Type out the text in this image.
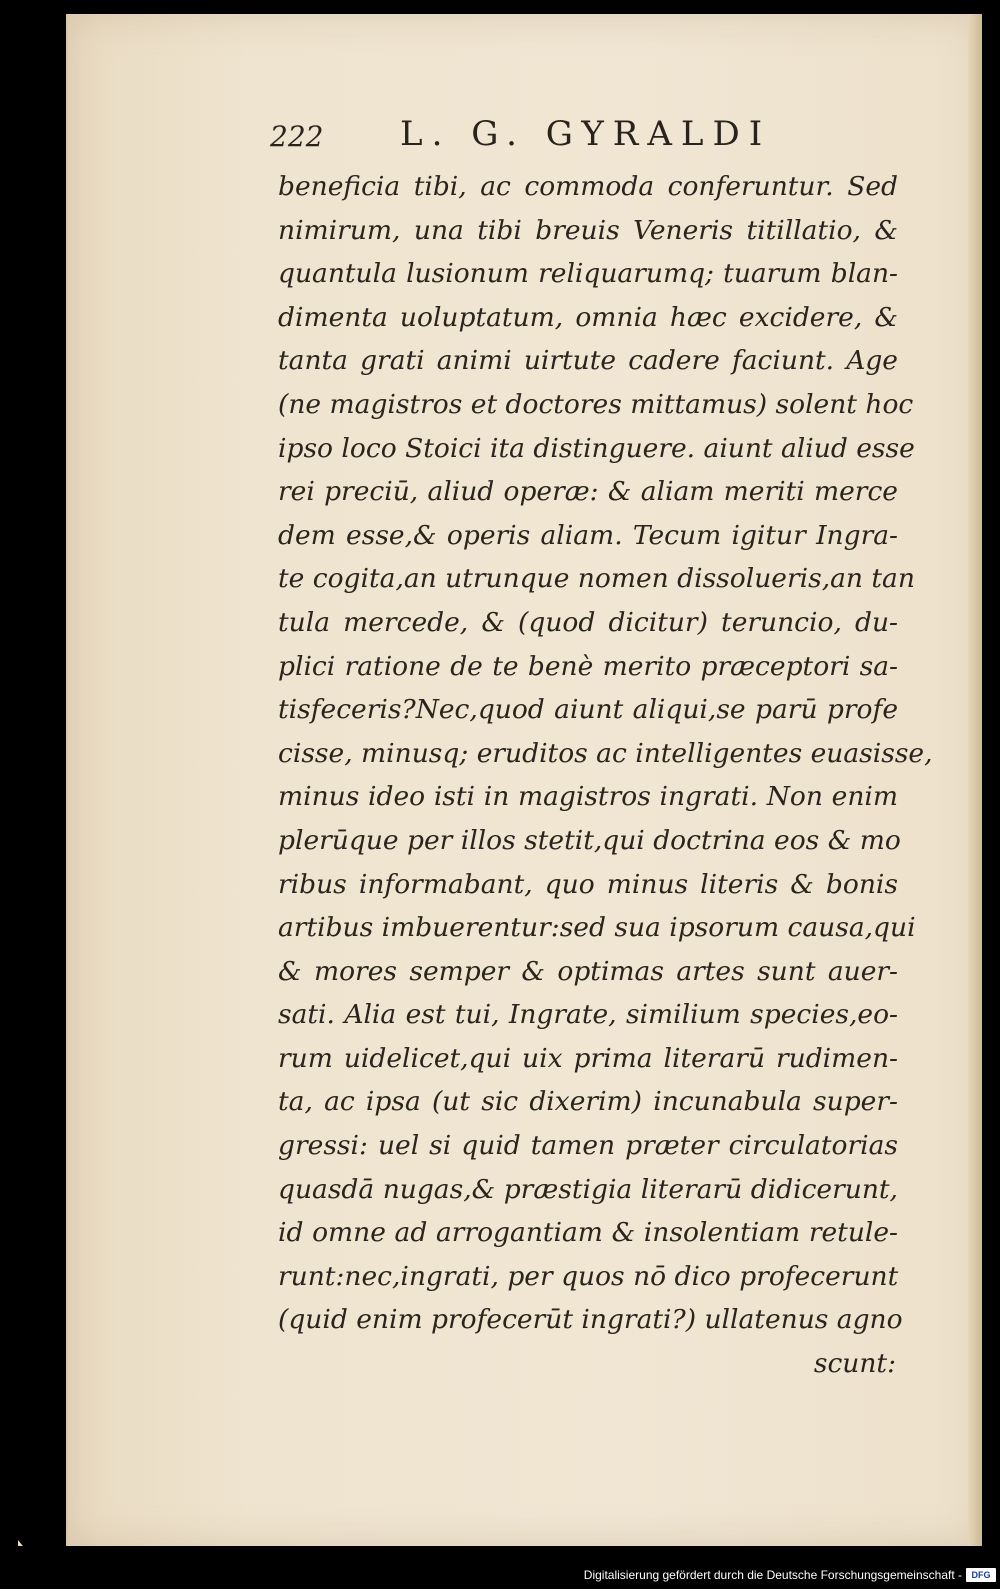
222 L. G. GYRALDI
beneficia tibi, ac commoda conferuntur. Sed
nimirum, una tibi breuis Veneris titillatio, &
quantula lusionum reliquarumq; tuarum blan-
dimenta uoluptatum, omnia hæc excidere, &
tanta grati animi uirtute cadere faciunt. Age
(ne magistros et doctores mittamus) solent hoc
ipso loco Stoici ita distinguere. aiunt aliud esse
rei preciū, aliud operæ: & aliam meriti merce
dem esse,& operis aliam. Tecum igitur Ingra-
te cogita,an utrunque nomen dissolueris,an tan
tula mercede, & (quod dicitur) teruncio, du-
plici ratione de te benè merito præceptori sa-
tisfeceris?Nec,quod aiunt aliqui,se parū profe
cisse, minusq; eruditos ac intelligentes euasisse,
minus ideo isti in magistros ingrati. Non enim
plerūque per illos stetit,qui doctrina eos & mo
ribus informabant, quo minus literis & bonis
artibus imbuerentur:sed sua ipsorum causa,qui
& mores semper & optimas artes sunt auer-
sati. Alia est tui, Ingrate, similium species,eo-
rum uidelicet,qui uix prima literarū rudimen-
ta, ac ipsa (ut sic dixerim) incunabula super-
gressi: uel si quid tamen præter circulatorias
quasdā nugas,& præstigia literarū didicerunt,
id omne ad arrogantiam & insolentiam retule-
runt:nec,ingrati, per quos nō dico profecerunt
(quid enim profecerūt ingrati?) ullatenus agno
scunt:
Digitalisierung gefördert durch die Deutsche Forschungsgemeinschaft -	DFG
